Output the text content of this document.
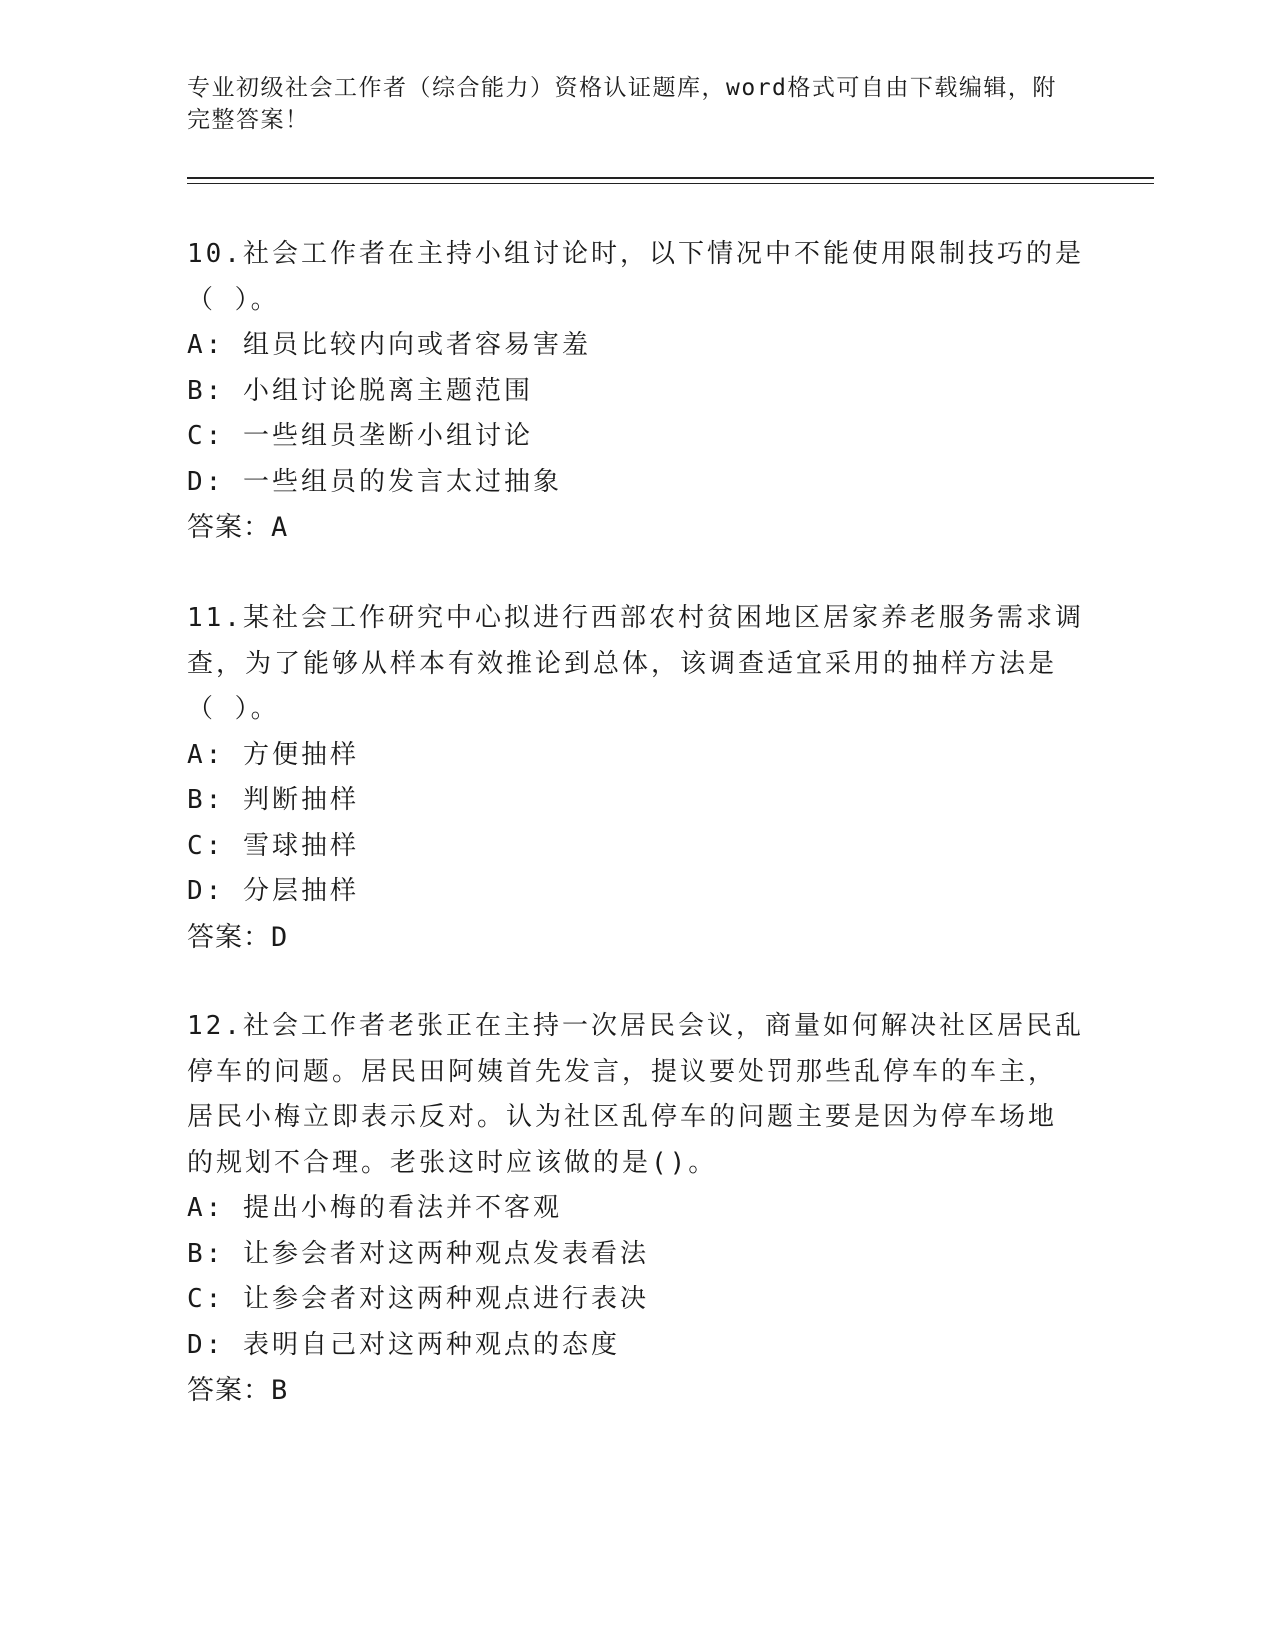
专业初级社会工作者（综合能力）资格认证题库，word格式可自由下载编辑，附
完整答案！

10.社会工作者在主持小组讨论时，以下情况中不能使用限制技巧的是

（ ）。

A: 组员比较内向或者容易害羞

B: 小组讨论脱离主题范围

C: 一些组员垄断小组讨论

D: 一些组员的发言太过抽象

答案：A

11.某社会工作研究中心拟进行西部农村贫困地区居家养老服务需求调

查，为了能够从样本有效推论到总体，该调查适宜采用的抽样方法是

（ ）。

A: 方便抽样

B: 判断抽样

C: 雪球抽样

D: 分层抽样

答案：D

12.社会工作者老张正在主持一次居民会议，商量如何解决社区居民乱

停车的问题。居民田阿姨首先发言，提议要处罚那些乱停车的车主，

居民小梅立即表示反对。认为社区乱停车的问题主要是因为停车场地

的规划不合理。老张这时应该做的是()。

A: 提出小梅的看法并不客观

B: 让参会者对这两种观点发表看法

C: 让参会者对这两种观点进行表决

D: 表明自己对这两种观点的态度

答案：B
